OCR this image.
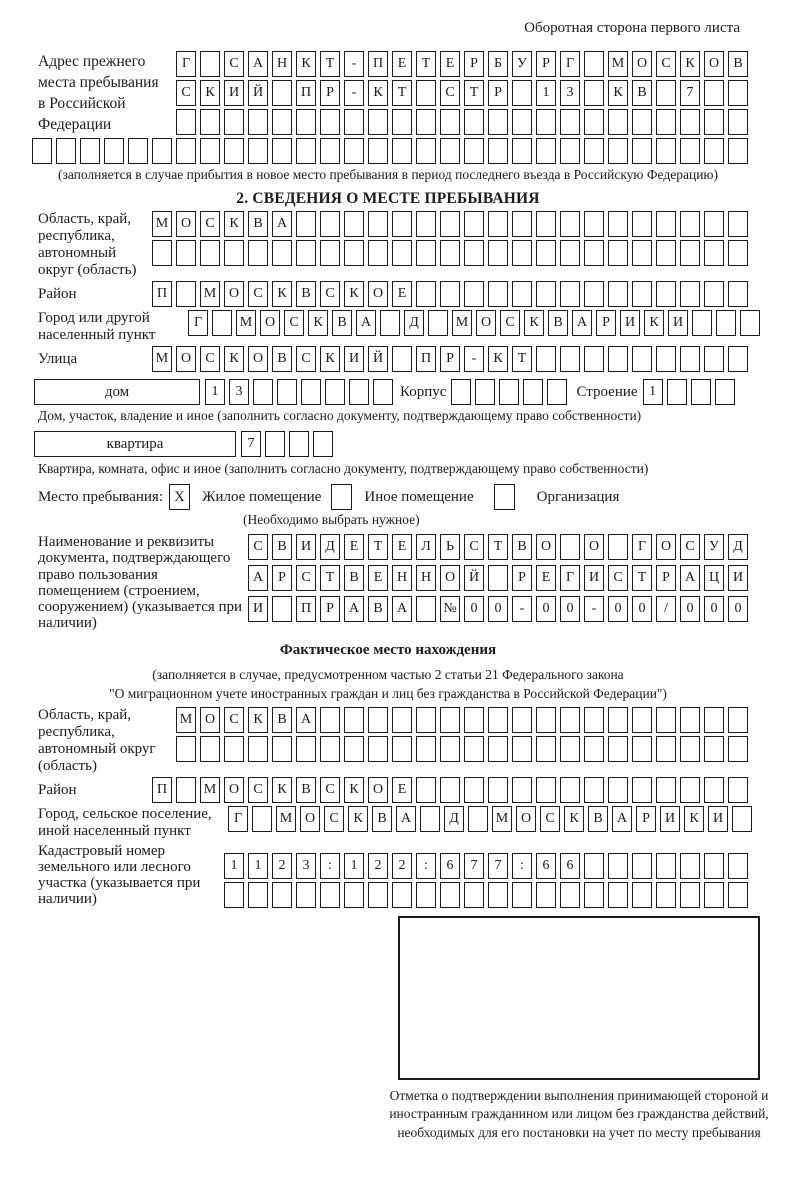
Оборотная сторона первого листа
Адрес прежнего места пребывания в Российской Федерации
Г	С	А Н	К	Т	-	П	Е	Т	Е	Р	Б	У	Р	Г	М О	С	К	О	В
С	К	И Й	П	Р	-	К	Т	С	Т	Р	1	3	К	В	7
(заполняется в случае прибытия в новое место пребывания в период последнего въезда в Российскую Федерацию)
2. СВЕДЕНИЯ О МЕСТЕ ПРЕБЫВАНИЯ
Область, край, республика, автономный округ (область)
М О	С	К	В	А
Район	П	М О	С	К	В	С	К	О	Е
Город или другой населенный пункт
Г	М О	С	К	В	А	Д	М О	С	К	В	А	Р	И	К	И
Улица	М О	С	К	О	В	С	К	И Й	П	Р	-	К	Т
дом	1	3	Корпус	Строение 1
Дом, участок, владение и иное (заполнить согласно документу, подтверждающему право собственности)
квартира	7
Квартира, комната, офис и иное (заполнить согласно документу, подтверждающему право собственности)
Место пребывания: X	Жилое помещение	Иное помещение	Организация
(Необходимо выбрать нужное)
Наименование и реквизиты документа, подтверждающего право пользования помещением (строением, сооружением) (указывается при наличии)
С	В	И	Д	Е	Т	Е	Л	Ь	С	Т	В	О	О	Г	О	С	У	Д
А	Р	С	Т	В	Е	Н Н О Й	Р	Е	Г	И	С	Т	Р	А Ц И
И	П	Р	А	В	А	№ 0	0	-	0	0	-	0	0	/	0	0	0
Фактическое место нахождения
(заполняется в случае, предусмотренном частью 2 статьи 21 Федерального закона
"О миграционном учете иностранных граждан и лиц без гражданства в Российской Федерации")
Область, край, республика, автономный округ (область)
М О	С	К	В	А
Район	П	М О	С	К	В	С	К	О	Е
Город, сельское поселение, иной населенный пункт
Г	М О	С	К	В	А	Д	М О	С	К	В	А	Р	И	К	И
Кадастровый номер земельного или лесного участка (указывается при наличии)
1	1	2	3	:	1	2	2	:	6	7	7	:	6	6
Отметка о подтверждении выполнения принимающей стороной и иностранным гражданином или лицом без гражданства действий, необходимых для его постановки на учет по месту пребывания
